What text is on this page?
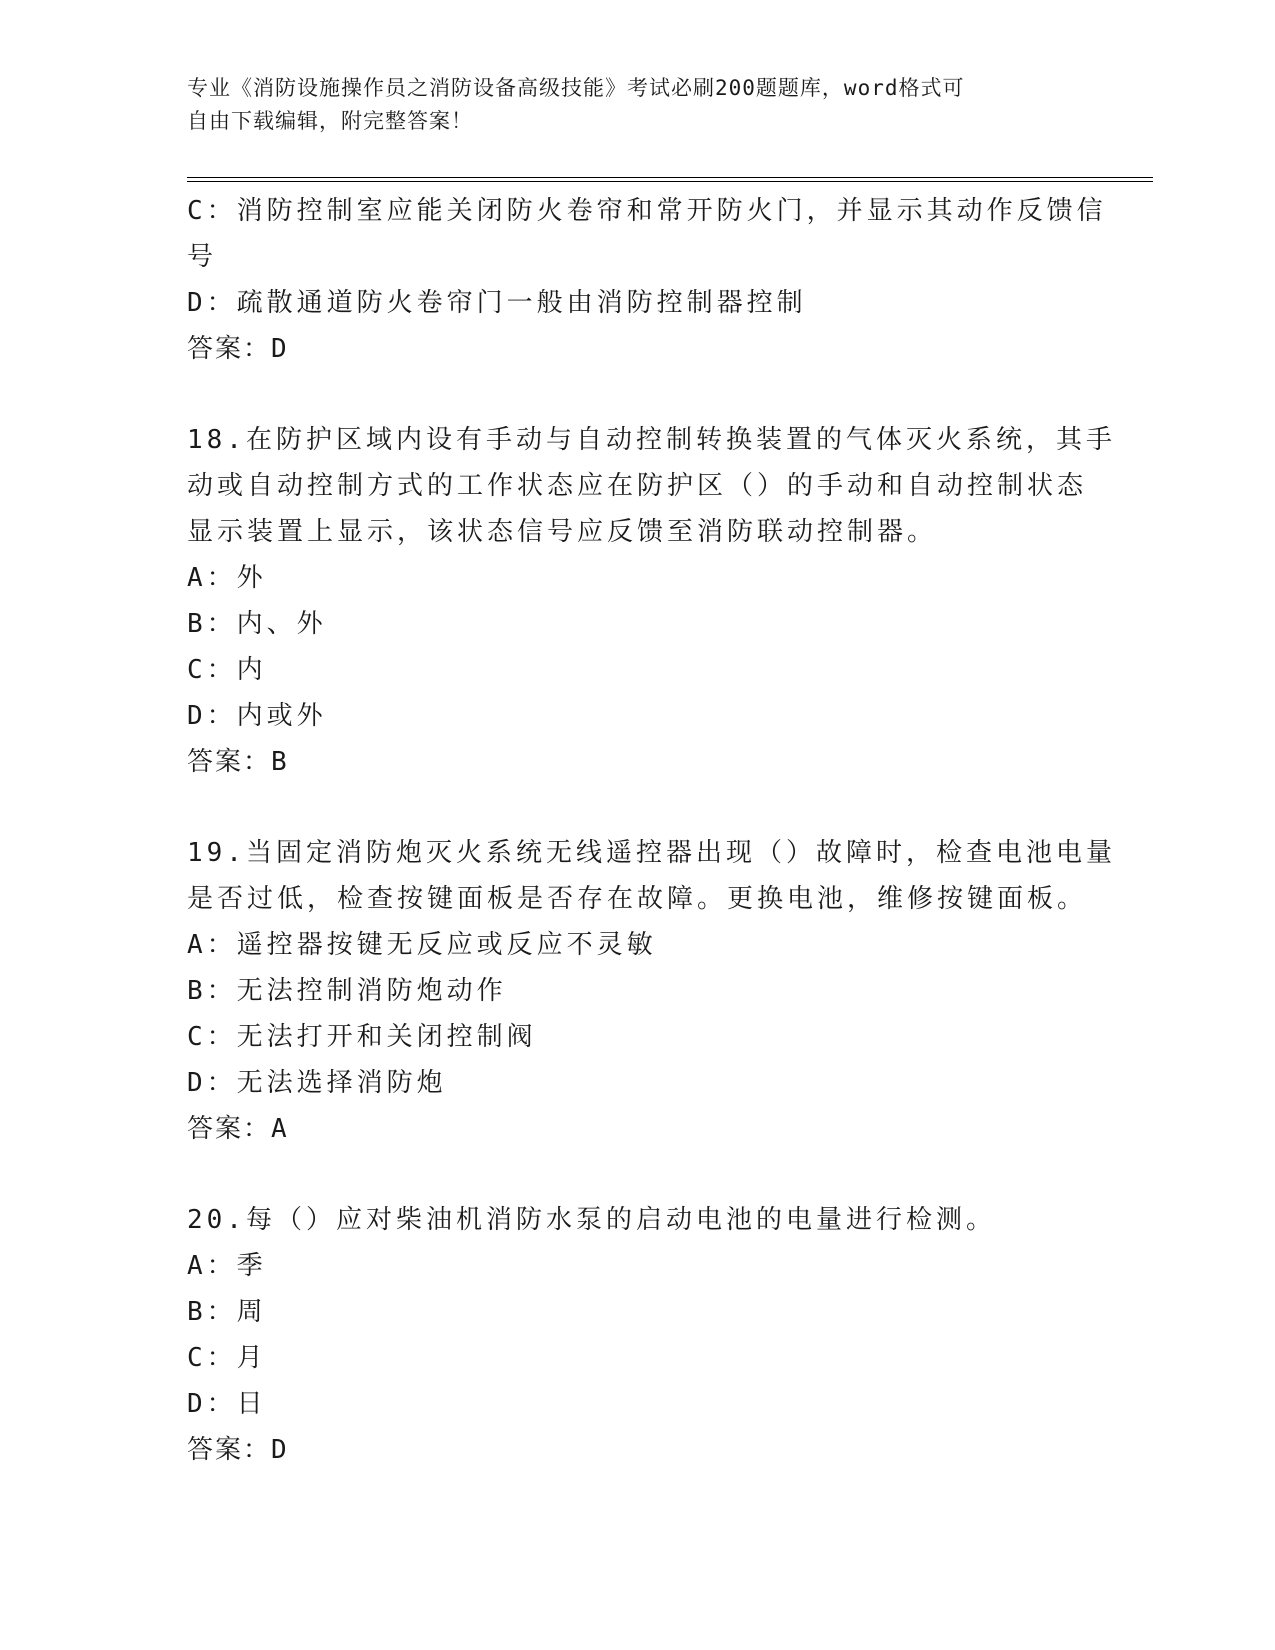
专业《消防设施操作员之消防设备高级技能》考试必刷200题题库，word格式可
自由下载编辑，附完整答案！
C：消防控制室应能关闭防火卷帘和常开防火门，并显示其动作反馈信
号
D：疏散通道防火卷帘门一般由消防控制器控制
答案：D
18.在防护区域内设有手动与自动控制转换装置的气体灭火系统，其手
动或自动控制方式的工作状态应在防护区（）的手动和自动控制状态
显示装置上显示，该状态信号应反馈至消防联动控制器。
A：外
B：内、外
C：内
D：内或外
答案：B
19.当固定消防炮灭火系统无线遥控器出现（）故障时，检查电池电量
是否过低，检查按键面板是否存在故障。更换电池，维修按键面板。
A：遥控器按键无反应或反应不灵敏
B：无法控制消防炮动作
C：无法打开和关闭控制阀
D：无法选择消防炮
答案：A
20.每（）应对柴油机消防水泵的启动电池的电量进行检测。
A：季
B：周
C：月
D：日
答案：D
